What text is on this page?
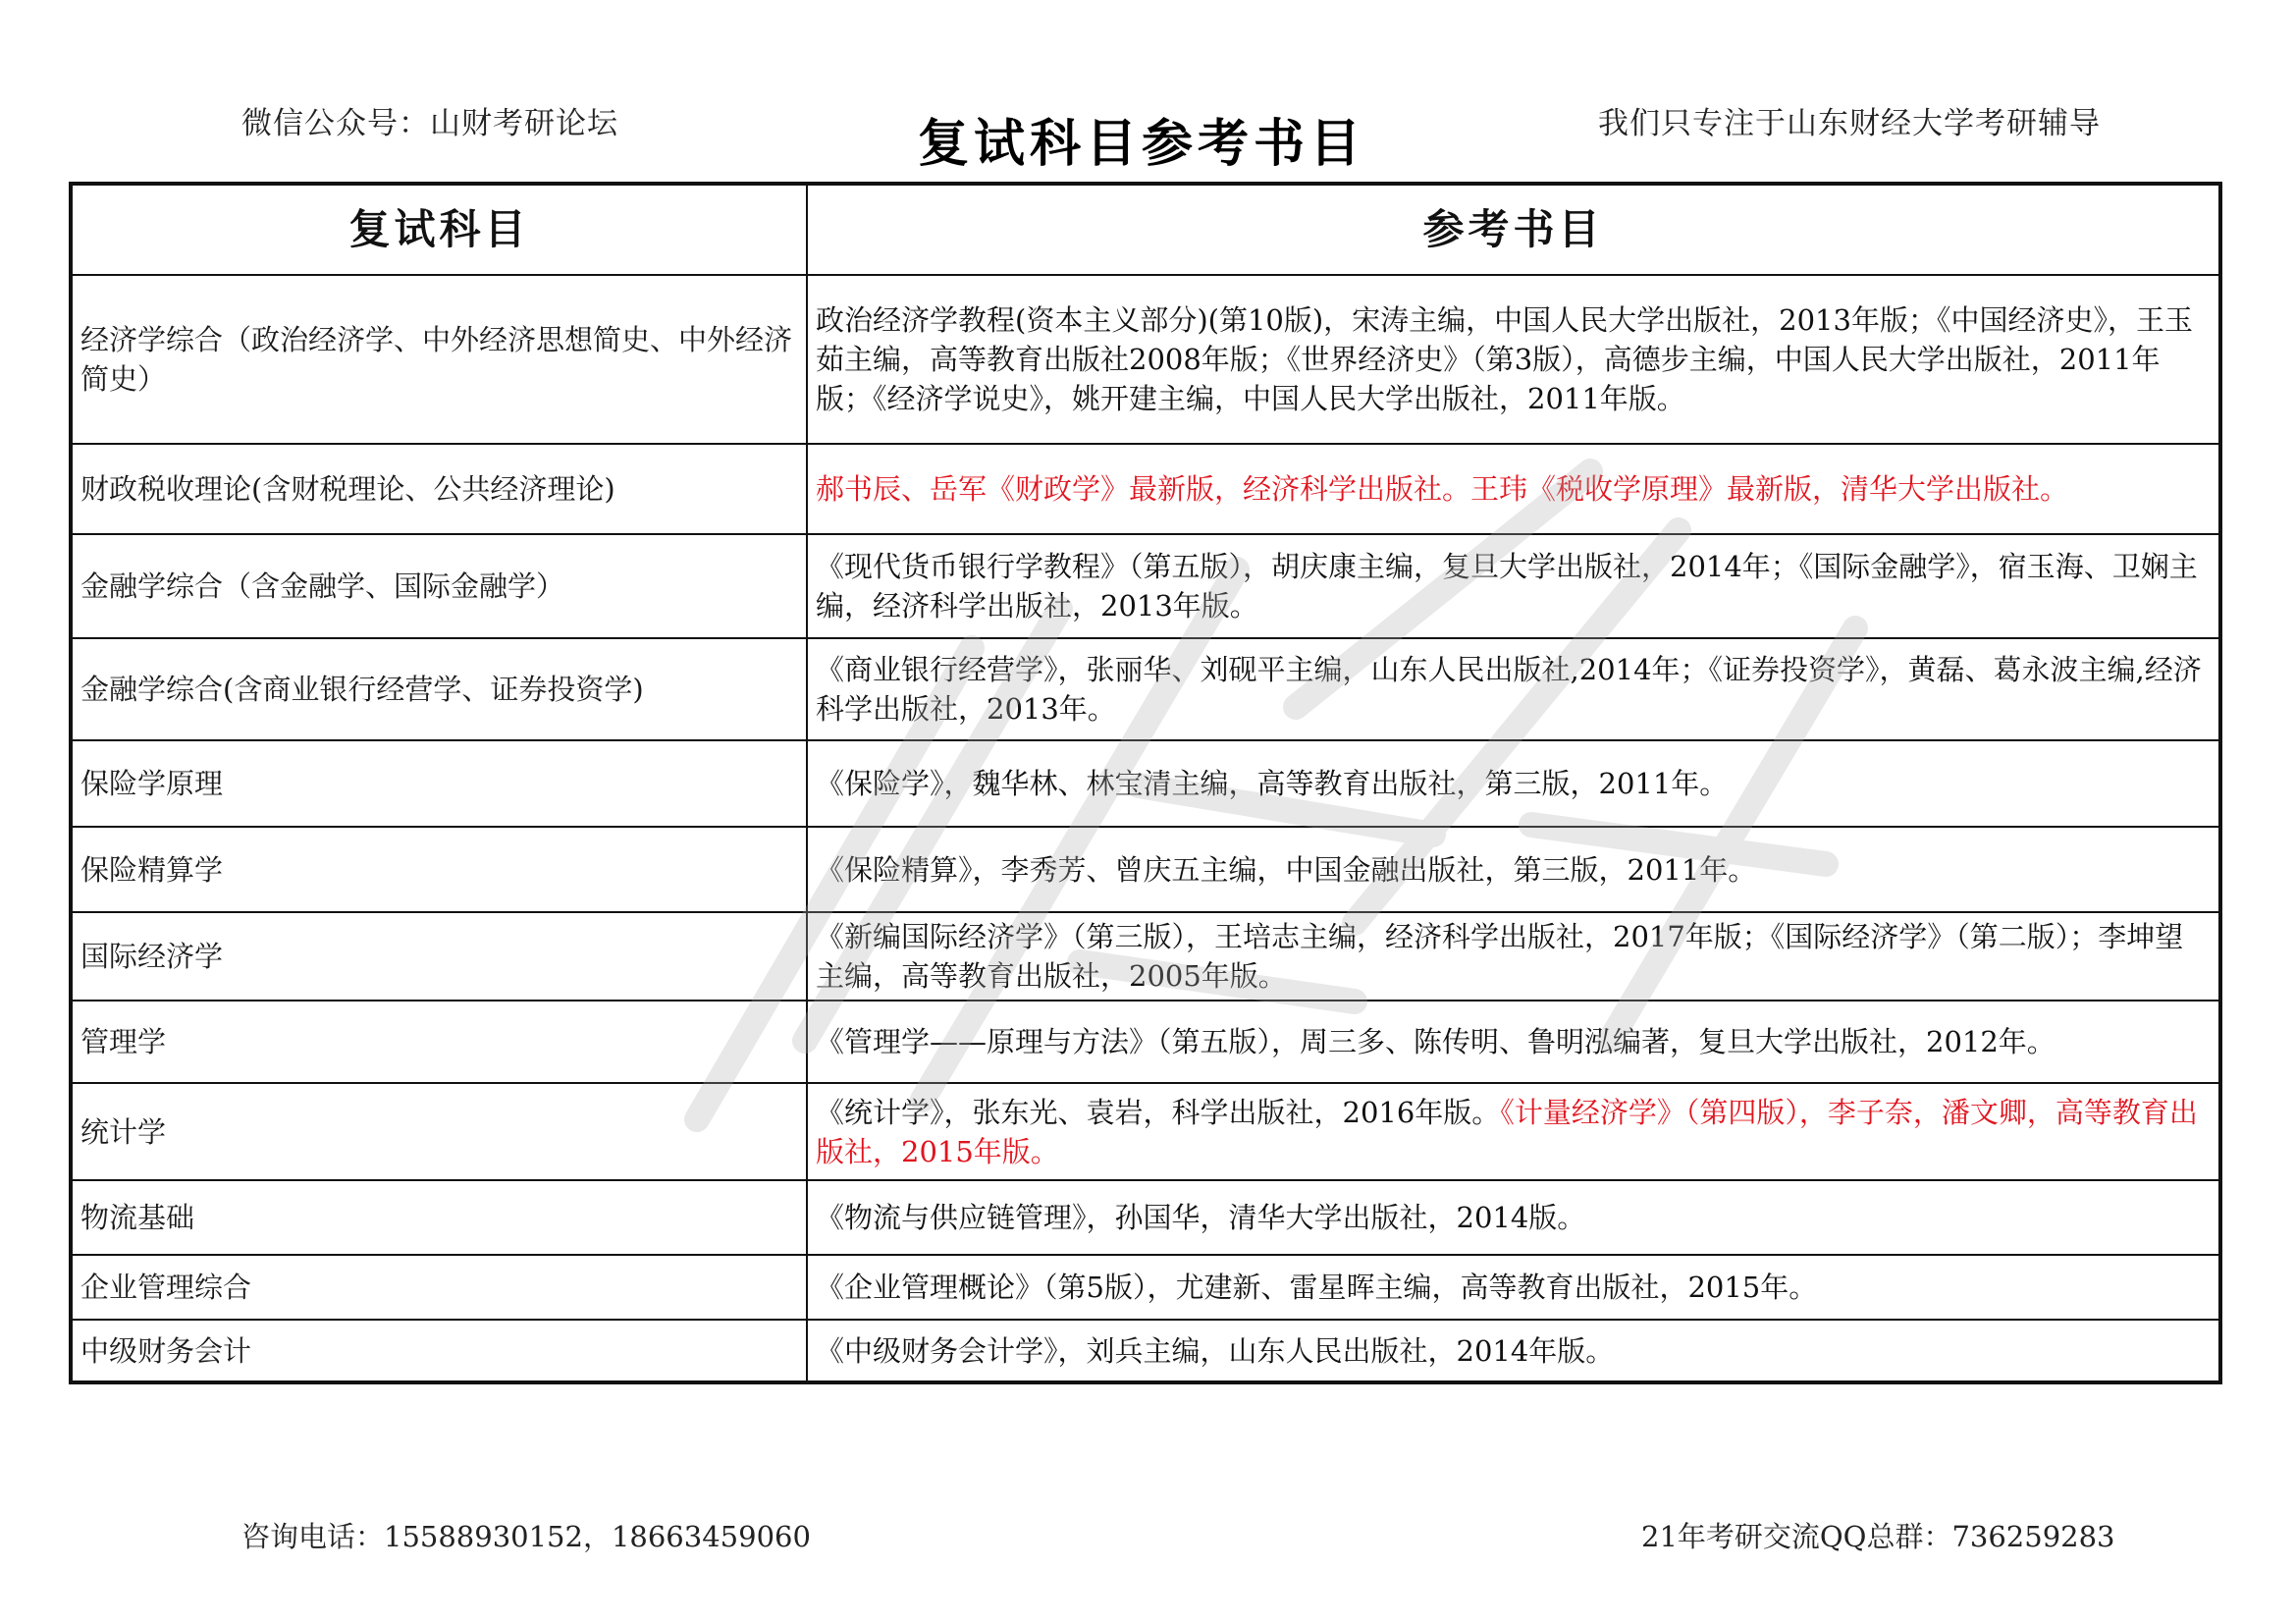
微信公众号：山财考研论坛	复试科目参考书目	我们只专注于山东财经大学考研辅导
复试科目	参考书目
经济学综合（政治经济学、中外经济思想简史、中外经济简史）	政治经济学教程(资本主义部分)(第10版)，宋涛主编，中国人民大学出版社，2013年版；《中国经济史》，王玉茹主编，高等教育出版社2008年版；《世界经济史》（第3版），高德步主编，中国人民大学出版社，2011年版；《经济学说史》，姚开建主编，中国人民大学出版社，2011年版。
财政税收理论(含财税理论、公共经济理论)	郝书辰、岳军《财政学》最新版，经济科学出版社。王玮《税收学原理》最新版，清华大学出版社。
金融学综合（含金融学、国际金融学）	《现代货币银行学教程》（第五版），胡庆康主编，复旦大学出版社，2014年；《国际金融学》，宿玉海、卫娴主编，经济科学出版社，2013年版。
金融学综合(含商业银行经营学、证券投资学)	《商业银行经营学》，张丽华、刘砚平主编，山东人民出版社,2014年；《证券投资学》，黄磊、葛永波主编,经济科学出版社，2013年。
保险学原理	《保险学》，魏华林、林宝清主编，高等教育出版社，第三版，2011年。
保险精算学	《保险精算》，李秀芳、曾庆五主编，中国金融出版社，第三版，2011年。
国际经济学	《新编国际经济学》（第三版），王培志主编，经济科学出版社，2017年版；《国际经济学》（第二版）；李坤望主编，高等教育出版社，2005年版。
管理学	《管理学——原理与方法》（第五版），周三多、陈传明、鲁明泓编著，复旦大学出版社，2012年。
统计学	《统计学》，张东光、袁岩，科学出版社，2016年版。《计量经济学》（第四版），李子奈，潘文卿，高等教育出版社，2015年版。
物流基础	《物流与供应链管理》，孙国华，清华大学出版社，2014版。
企业管理综合	《企业管理概论》（第5版），尤建新、雷星晖主编，高等教育出版社，2015年。
中级财务会计	《中级财务会计学》，刘兵主编，山东人民出版社，2014年版。
咨询电话：15588930152，18663459060	21年考研交流QQ总群：736259283
